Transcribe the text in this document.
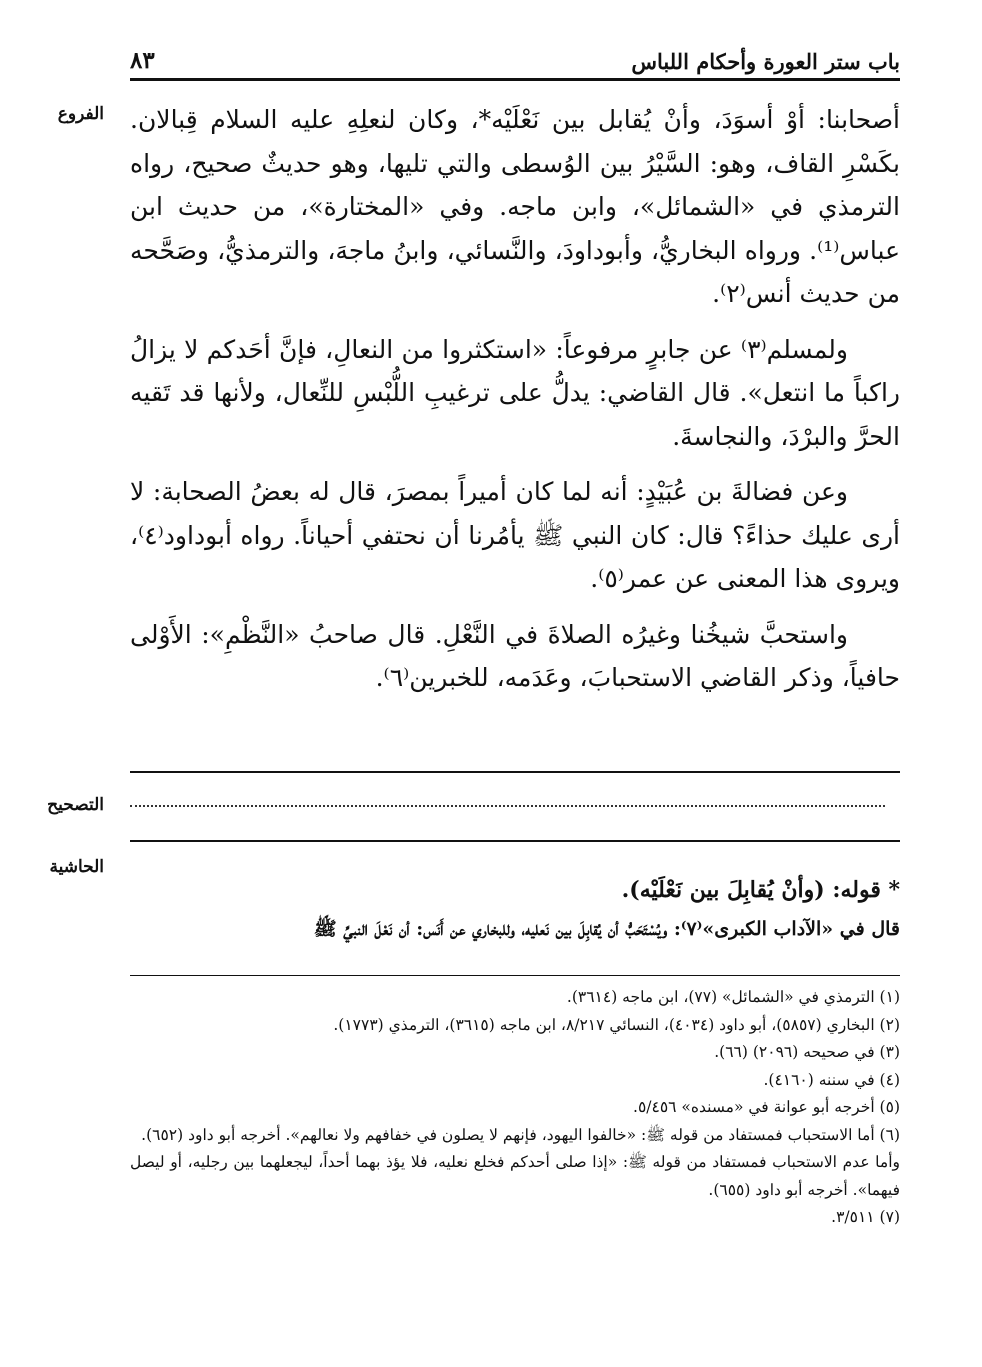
باب ستر العورة وأحكام اللباس
٨٣
الفروع
التصحيح
الحاشية

أصحابنا: أوْ أسوَدَ، وأنْ يُقابل بين نَعْلَيْه*، وكان لنعلِهِ عليه السلام قِبالان. بكَسْرِ القاف، وهو: السَّيْرُ بين الوُسطى والتي تليها، وهو حديثٌ صحيح، رواه الترمذي في «الشمائل»، وابن ماجه. وفي «المختارة»، من حديث ابن عباس⁽¹⁾. ورواه البخاريُّ، وأبوداودَ، والنَّسائي، وابنُ ماجهَ، والترمذيُّ، وصَحَّحه من حديث أنس⁽٢⁾.

ولمسلم⁽٣⁾ عن جابرٍ مرفوعاً: «استكثروا من النعالِ، فإنَّ أحَدكم لا يزالُ راكباً ما انتعل». قال القاضي: يدلُّ على ترغيبِ اللُّبْسِ للنِّعال، ولأنها قد تَقيه الحرَّ والبرْدَ، والنجاسةَ.

وعن فضالةَ بن عُبَيْدٍ: أنه لما كان أميراً بمصرَ، قال له بعضُ الصحابة: لا أرى عليك حذاءً؟ قال: كان النبي ﷺ يأمُرنا أن نحتفي أحياناً. رواه أبوداود⁽٤⁾، ويروى هذا المعنى عن عمر⁽٥⁾.

واستحبَّ شيخُنا وغيرُه الصلاةَ في النَّعْلِ. قال صاحبُ «النَّظْمِ»: الأَوْلى حافياً، وذكر القاضي الاستحبابَ، وعَدَمه، للخبرين⁽٦⁾.

* قوله: (وأنْ يُقابِلَ بين نَعْلَيْه).

قال في «الآداب الكبرى»⁽٧⁾: ويُسْتَحَبُّ أن يُقابِلَ بين نَعليه، وللبخاري عن أَنَس: أن نَعْلَ النبيِّ ﷺ

(١) الترمذي في «الشمائل» (٧٧)، ابن ماجه (٣٦١٤).

(٢) البخاري (٥٨٥٧)، أبو داود (٤٠٣٤)، النسائي ٨/٢١٧، ابن ماجه (٣٦١٥)، الترمذي (١٧٧٣).

(٣) في صحيحه (٢٠٩٦) (٦٦).

(٤) في سننه (٤١٦٠).

(٥) أخرجه أبو عوانة في «مسنده» ٥/٤٥٦.

(٦) أما الاستحباب فمستفاد من قوله ﷺ: «خالفوا اليهود، فإنهم لا يصلون في خفافهم ولا نعالهم». أخرجه أبو داود (٦٥٢).

وأما عدم الاستحباب فمستفاد من قوله ﷺ: «إذا صلى أحدكم فخلع نعليه، فلا يؤذ بهما أحداً، ليجعلهما بين رجليه، أو ليصل فيهما». أخرجه أبو داود (٦٥٥).

(٧) ٣/٥١١.
